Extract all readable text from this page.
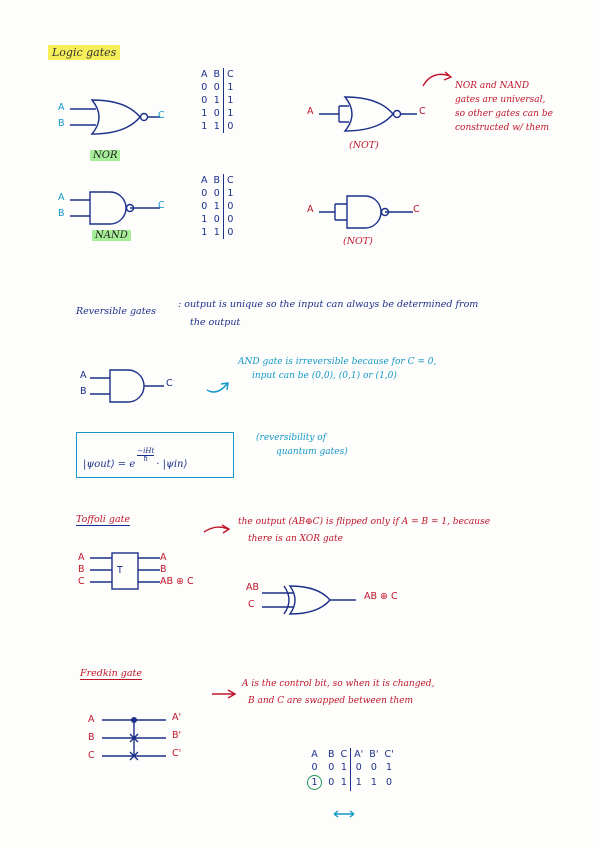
Logic gates
A
B
C
NOR
A	B	C
0	0	1
0	1	1
1	0	1
1	1	0
A	C
(NOT)
NOR and NAND
gates are universal,
so other gates can be
constructed w/ them
A
B
C
NAND
A	B	C
0	0	1
0	1	0
1	0	0
1	1	0
A	C
(NOT)
Reversible gates
: output is unique so the input can always be determined from
the output
A
B
C
AND gate is irreversible because for C = 0,
input can be (0,0), (0,1) or (1,0)
|ψout⟩ = e
−iHt
ħ · |ψin⟩
(reversibility of
quantum gates)
Toffoli gate
A
B
C
T
A
B
AB ⊕ C
the output (AB⊕C) is flipped only if A = B = 1, because
there is an XOR gate
AB
C
AB ⊕ C
Fredkin gate
A
B
C
A'
B'
C'
A is the control bit, so when it is changed,
B and C are swapped between them
A	B	C	A'	B'	C'
0	0	1	0	0	1
1	0	1	1	1	0
